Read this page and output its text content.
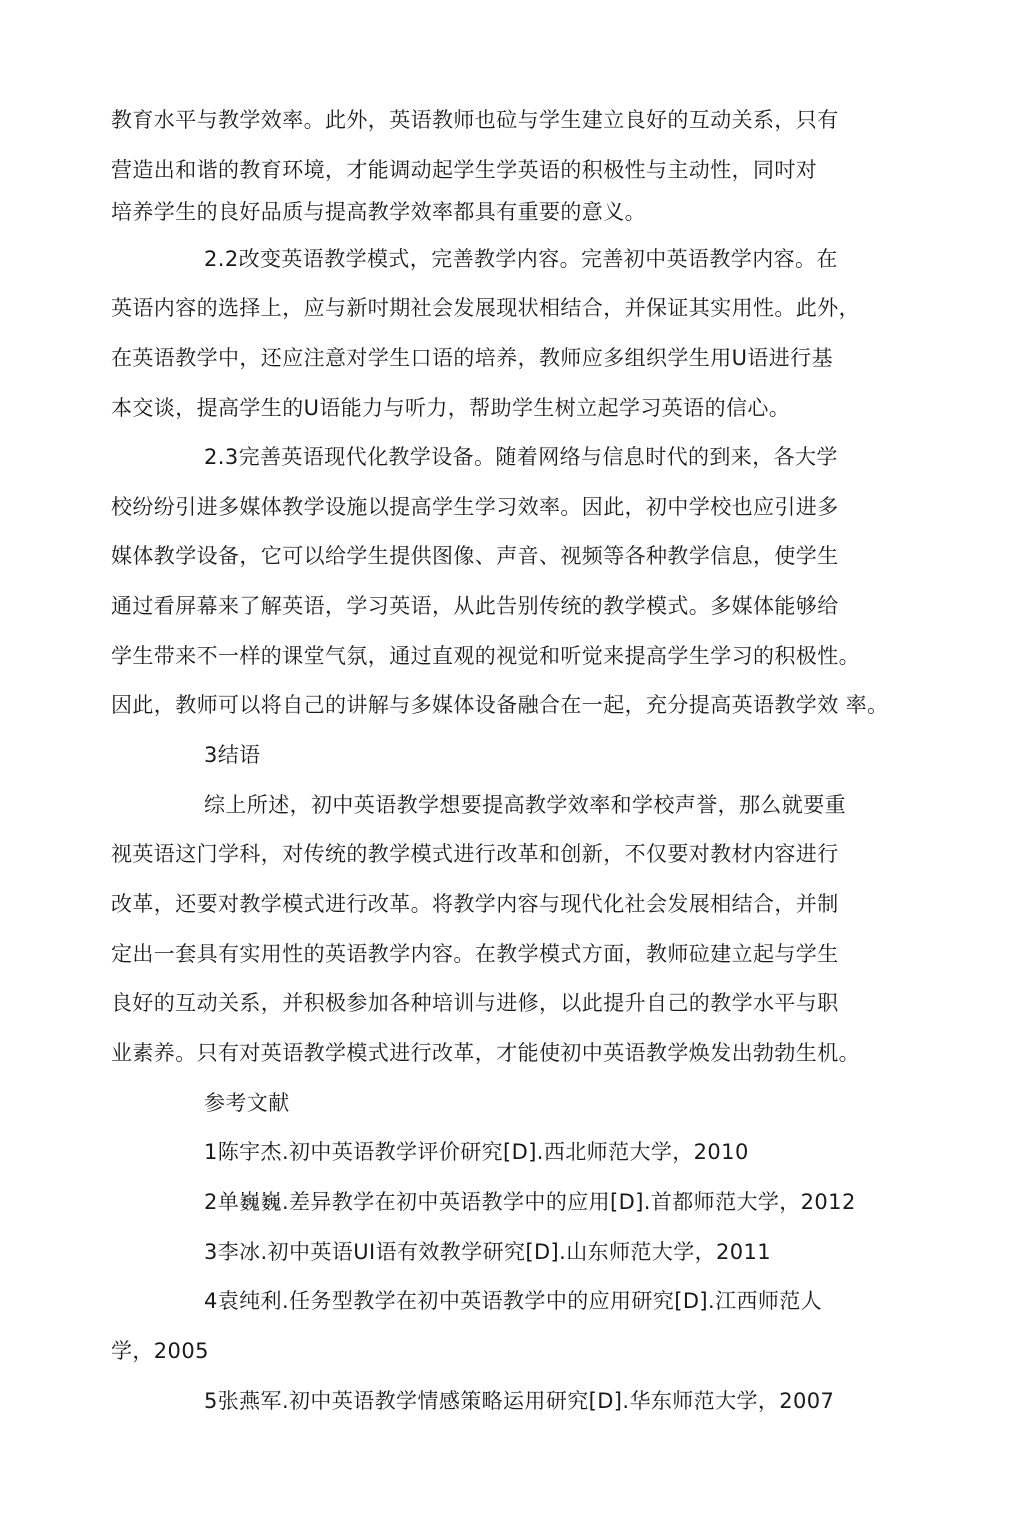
教育水平与教学效率。此外，英语教师也砬与学生建立良好的互动关系，只有
营造出和谐的教育环境，才能调动起学生学英语的积极性与主动性，同吋对
培养学生的良好品质与提高教学效率都具有重要的意义。
2.2改变英语教学模式，完善教学内容。完善初中英语教学内容。在
英语内容的选择上，应与新吋期社会发展现状相结合，并保证其实用性。此外，
在英语教学中，还应注意对学生口语的培养，教师应多组织学生用U语进行基
本交谈，提高学生的U语能力与听力，帮助学生树立起学习英语的信心。
2.3完善英语现代化教学设备。随着网络与信息时代的到来，各大学
校纷纷引进多媒体教学设施以提高学生学习效率。因此，初中学校也应引进多
媒体教学设备，它可以给学生提供图像、声音、视频等各种教学信息，使学生
通过看屏幕来了解英语，学习英语，从此告别传统的教学模式。多媒体能够给
学生带来不一样的课堂气氛，通过直观的视觉和听觉来提高学生学习的积极性。
因此，教师可以将自己的讲解与多媒体设备融合在一起，充分提高英语教学效 率。
3结语
综上所述，初中英语教学想要提高教学效率和学校声誉，那么就要重
视英语这门学科，对传统的教学模式进行改革和创新，不仅要对教材内容进行
改革，还要对教学模式进行改革。将教学内容与现代化社会发展相结合，并制
定出一套具有实用性的英语教学内容。在教学模式方面，教师砬建立起与学生
良好的互动关系，并积极参加各种培训与进修，以此提升自己的教学水平与职
业素养。只有对英语教学模式进行改革，才能使初中英语教学焕发出勃勃生机。
参考文献
1陈宇杰.初中英语教学评价研究[D].西北师范大学，2010
2单巍巍.差异教学在初中英语教学中的应用[D].首都师范大学，2012
3李冰.初中英语UI语有效教学研究[D].山东师范大学，2011
4袁纯利.任务型教学在初中英语教学中的应用研究[D].江西师范人
学，2005
5张燕军.初中英语教学情感策略运用研究[D].华东师范大学，2007
